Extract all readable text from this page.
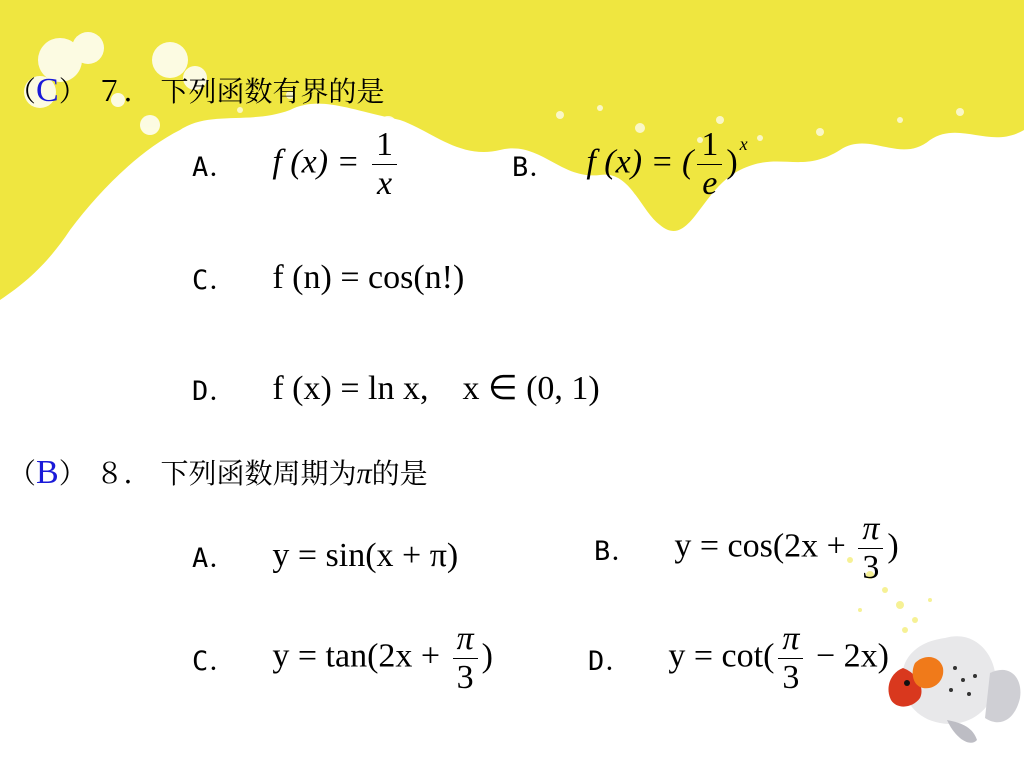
（C） ７． 下列函数有界的是
A． f $(x) = \frac{1}{x}$	B． f (x) = ( $\frac{1}{e}$ ) $^x$
C． f (n) = cos(n!)
D． f (x) = ln x,    x ∈ (0, 1)
（B） ８． 下列函数周期为π的是
A． y = sin(x + π)	B． $y = \cos(2x + \frac{\pi}{3}$ )
C． $y = \tan(2x + \frac{\pi}{3}$ )	D． $y = \cot( \frac{\pi}{3} - 2x)$
